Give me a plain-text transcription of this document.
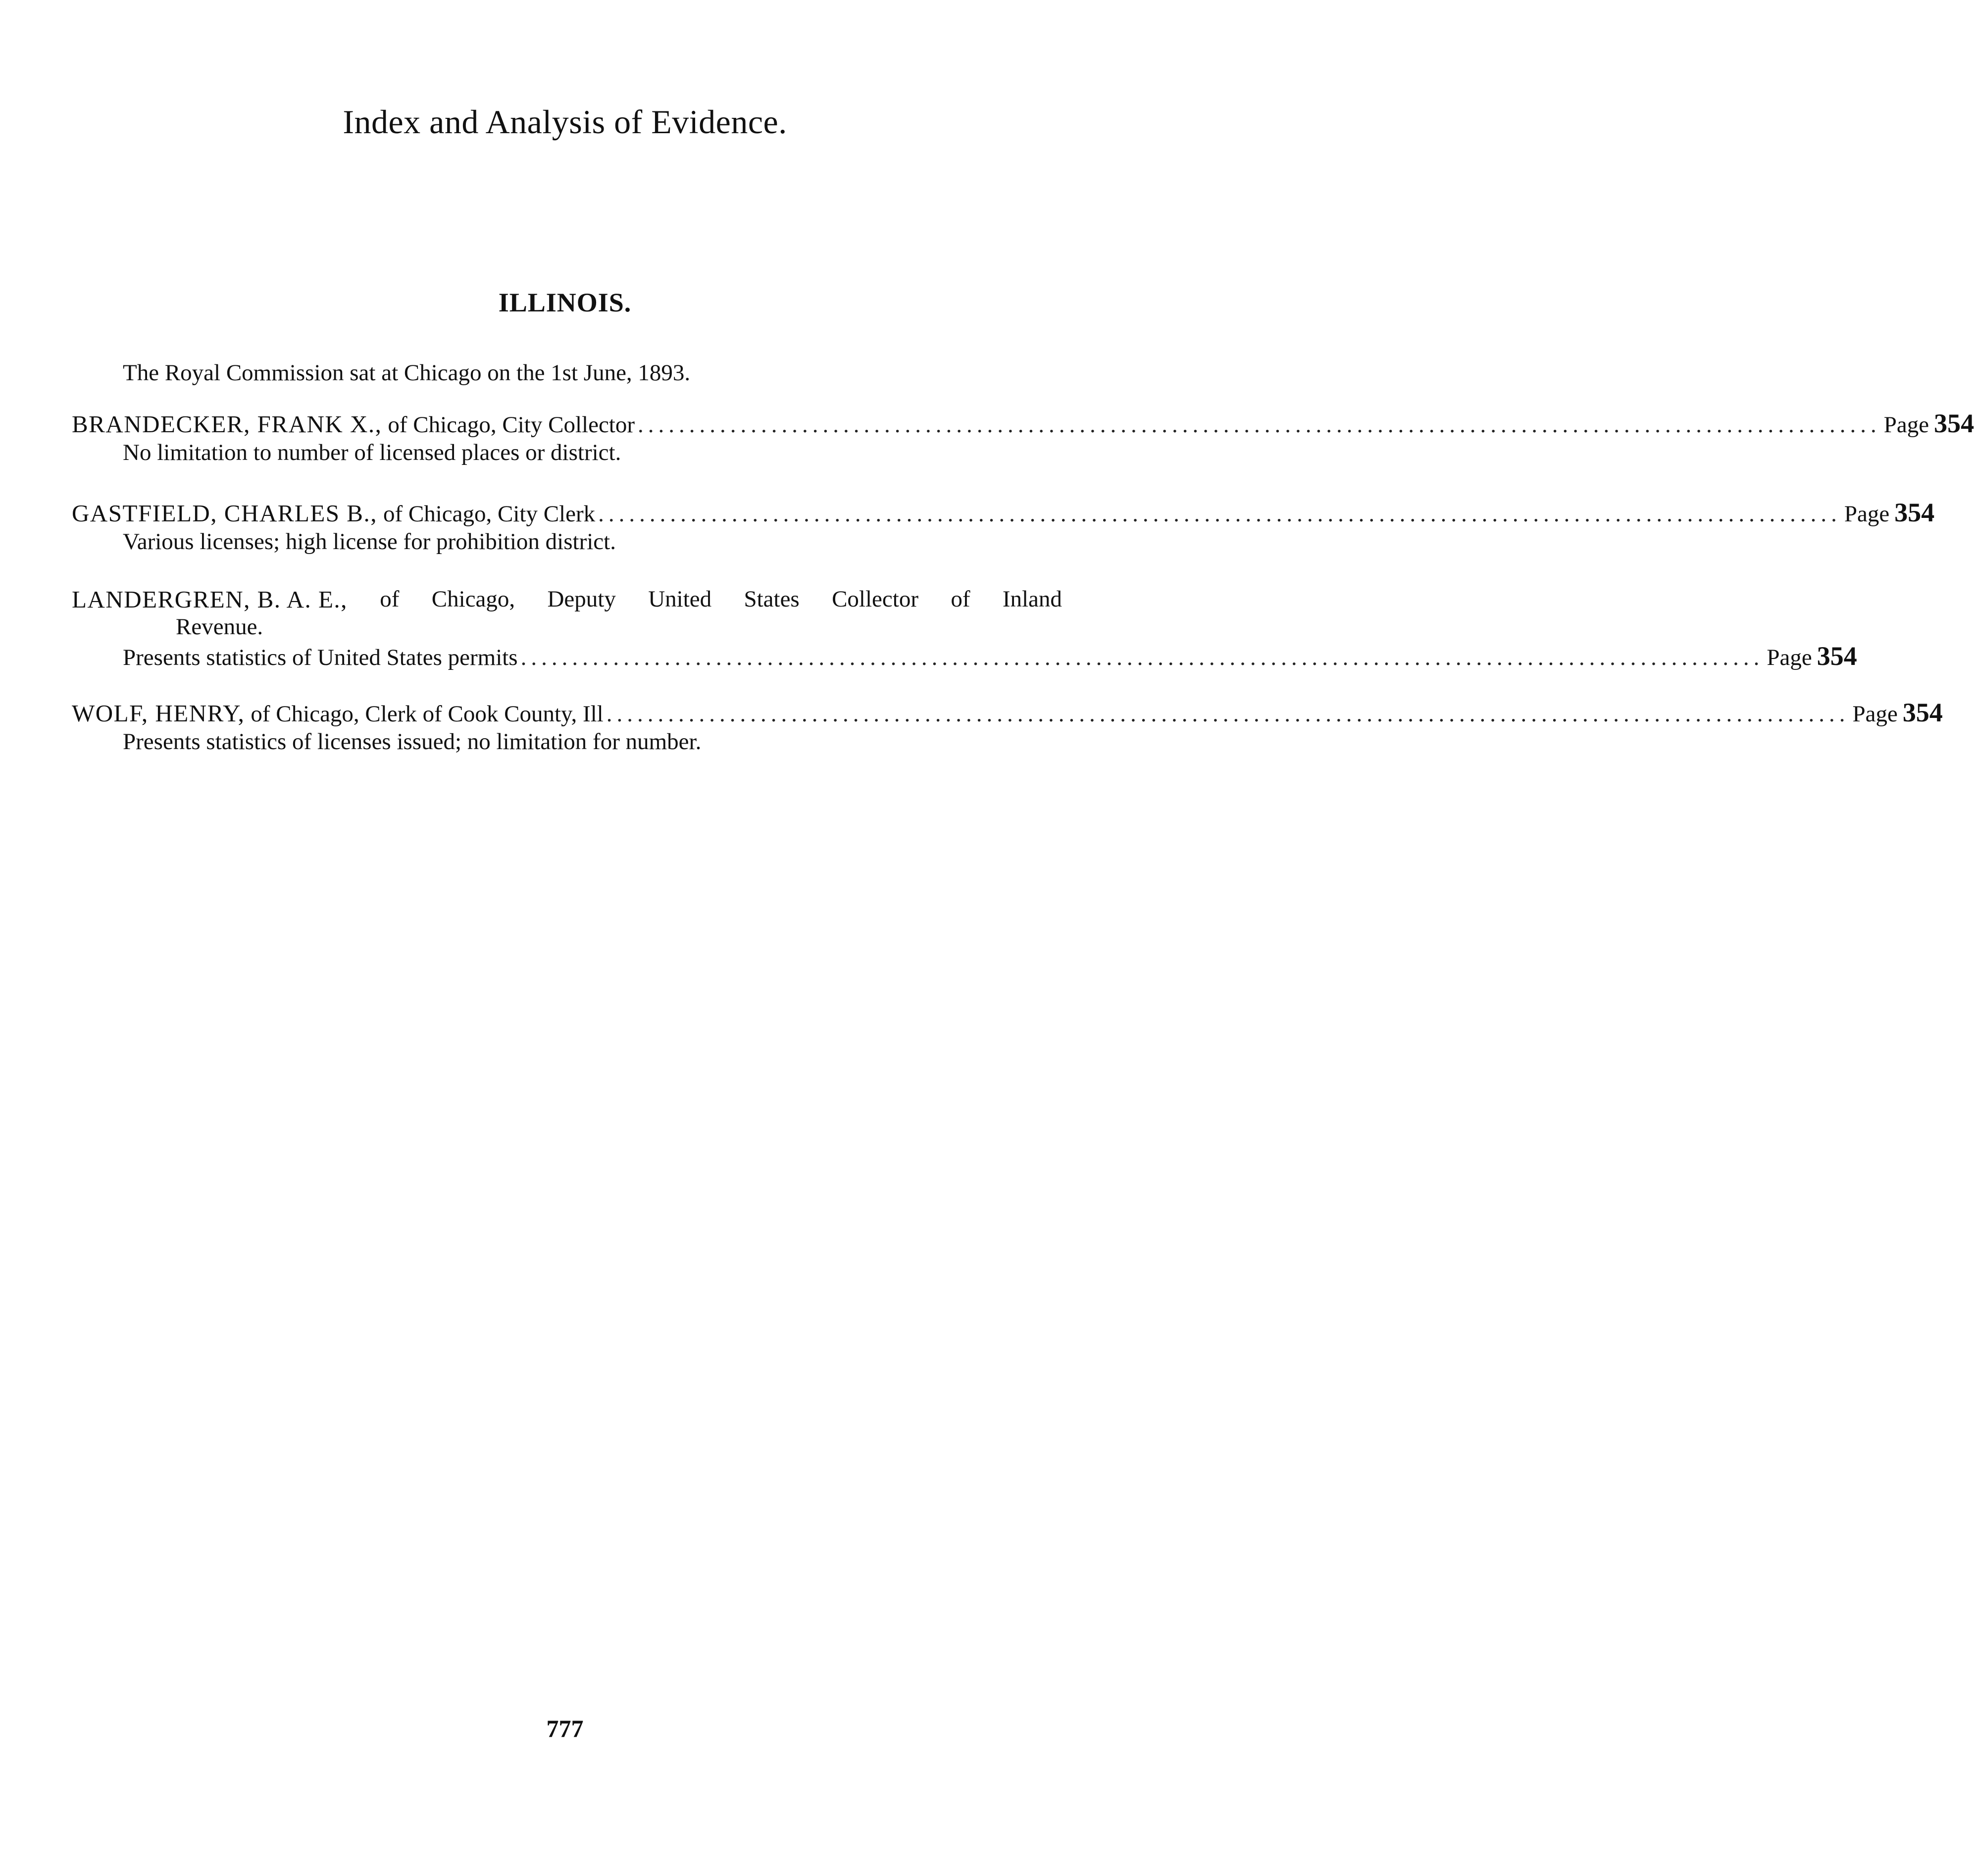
Index and Analysis of Evidence.
ILLINOIS.
The Royal Commission sat at Chicago on the 1st June, 1893.
BRANDECKER, FRANK X., of Chicago, City Collector ......................................................................................................................... Page 354
No limitation to number of licensed places or district.
GASTFIELD, CHARLES B., of Chicago, City Clerk ......................................................................................................................... Page 354
Various licenses; high license for prohibition district.
LANDERGREN, B. A. E., of Chicago, Deputy United States Collector of Inland
Revenue.
Presents statistics of United States permits ......................................................................................................................... Page 354
WOLF, HENRY, of Chicago, Clerk of Cook County, Ill ......................................................................................................................... Page 354
Presents statistics of licenses issued; no limitation for number.
777
